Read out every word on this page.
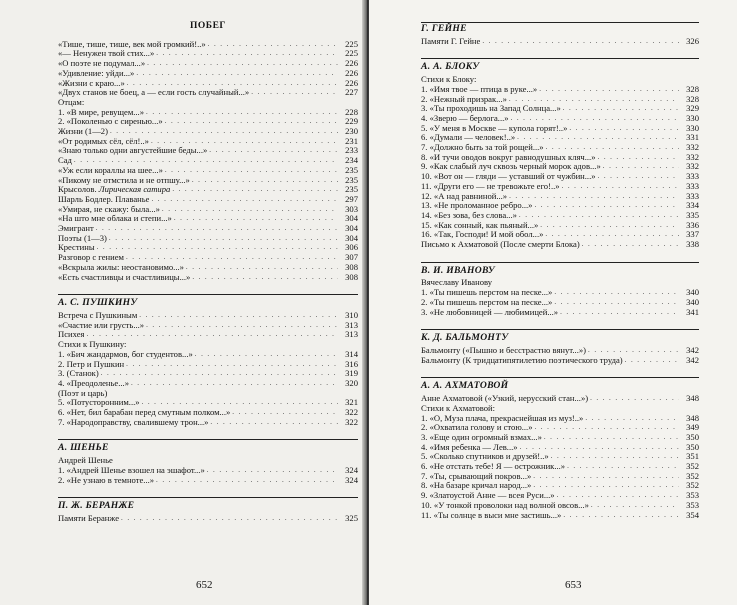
ПОБЕГ
«Тише, тише, тише, век мой громкий!..» . . .	225
«— Ненужен твой стих...» . . .	225
«О поэте не подумал...» . . .	226
«Удивление: уйди...» . . .	226
«Жизни с краю...» . . .	226
«Двух станов не боец, а — если гость случайный...» . . .	227
Отцам:
1. «В мире, ревущем...» . . .	228
2. «Поколенью с сиренью...» . . .	229
Жизни (1—2) . . .	230
«От родимых сёл, сёл!..» . . .	231
«Знаю только одни августейшие беды...» . . .	233
Сад . . .	234
«Уж если кораллы на шее...» . . .	235
«Пикому не отмстила и не отпшу...» . . .	235
Крысолов. Лирическая сатира . . .	235
Шарль Бодлер. Плаванье . . .	297
«Умирая, не скажу: была...» . . .	303
«На што мне облака и степи...» . . .	304
Эмигрант . . .	304
Поэты (1—3) . . .	304
Крестины . . .	306
Разговор с гением . . .	307
«Вскрыла жилы: неостановимо...» . . .	308
«Есть счастливцы и счастливицы...» . . .	308
А. С. ПУШКИНУ
Встреча с Пушкиным . . .	310
«Счастие или грусть...» . . .	313
Психея . . .	313
Стихи к Пушкину:
1. «Бич жандармов, бог студентов...» . . .	314
2. Петр и Пушкин . . .	316
3. (Станок) . . .	319
4. «Преодоленье...» . . .	320
(Поэт и царь)
5. «Потусторонним...» . . .	321
6. «Нет, бил барабан перед смутным полком...» . . .	322
7. «Народоправству, свалившему трон...» . . .	322
А. ШЕНЬЕ
Андрей Шенье
1. «Андрей Шенье взошел на эшафот...» . . .	324
2. «Не узнаю в темноте...» . . .	324
П. Ж. БЕРАНЖЕ
Памяти Беранже . . .	325
652
Г. ГЕЙНЕ
Памяти Г. Гейне . . .	326
А. А. БЛОКУ
Стихи к Блоку:
1. «Имя твое — птица в руке...» . . .	328
2. «Нежный призрак...» . . .	328
3. «Ты проходишь на Запад Солнца...» . . .	329
4. «Зверю — берлога...» . . .	330
5. «У меня в Москве — купола горят!..» . . .	330
6. «Думали — человек!..» . . .	331
7. «Должно быть за той рощей...» . . .	332
8. «И тучи оводов вокруг равнодушных кляч...» . . .	332
9. «Как слабый луч сквозь черный морок адов...» . . .	332
10. «Вот он — гляди — уставший от чужбин...» . . .	333
11. «Други его — не тревожьте его!..» . . .	333
12. «А над равниной...» . . .	333
13. «Не проломанное ребро...» . . .	334
14. «Без зова, без слова...» . . .	335
15. «Как сонный, как пьяный...» . . .	336
16. «Так, Господи! И мой обол...» . . .	337
Письмо к Ахматовой (После смерти Блока) . . .	338
В. И. ИВАНОВУ
Вячеславу Иванову
1. «Ты пишешь перстом на песке...» . . .	340
2. «Ты пишешь перстом на песке...» . . .	340
3. «Не любовницей — любимицей...» . . .	341
К. Д. БАЛЬМОНТУ
Бальмонту («Пышно и бесстрастно вянут...») . . .	342
Бальмонту (К тридцатипятилетию поэтического труда) . . .	342
А. А. АХМАТОВОЙ
Анне Ахматовой («Узкий, нерусский стан...») . . .	348
Стихи к Ахматовой:
1. «О, Муза плача, прекраснейшая из муз!..» . . .	348
2. «Охватила голову и стою...» . . .	349
3. «Еще один огромный взмах...» . . .	350
4. «Имя ребенка — Лев...» . . .	350
5. «Сколько спутников и друзей!..» . . .	351
6. «Не отстать тебе! Я — острожник...» . . .	352
7. «Ты, срывающий покров...» . . .	352
8. «На базаре кричал народ...» . . .	352
9. «Златоустой Анне — всея Руси...» . . .	353
10. «У тонкой проволоки над волной овсов...» . . .	353
11. «Ты солнце в выси мне застишь...» . . .	354
653
